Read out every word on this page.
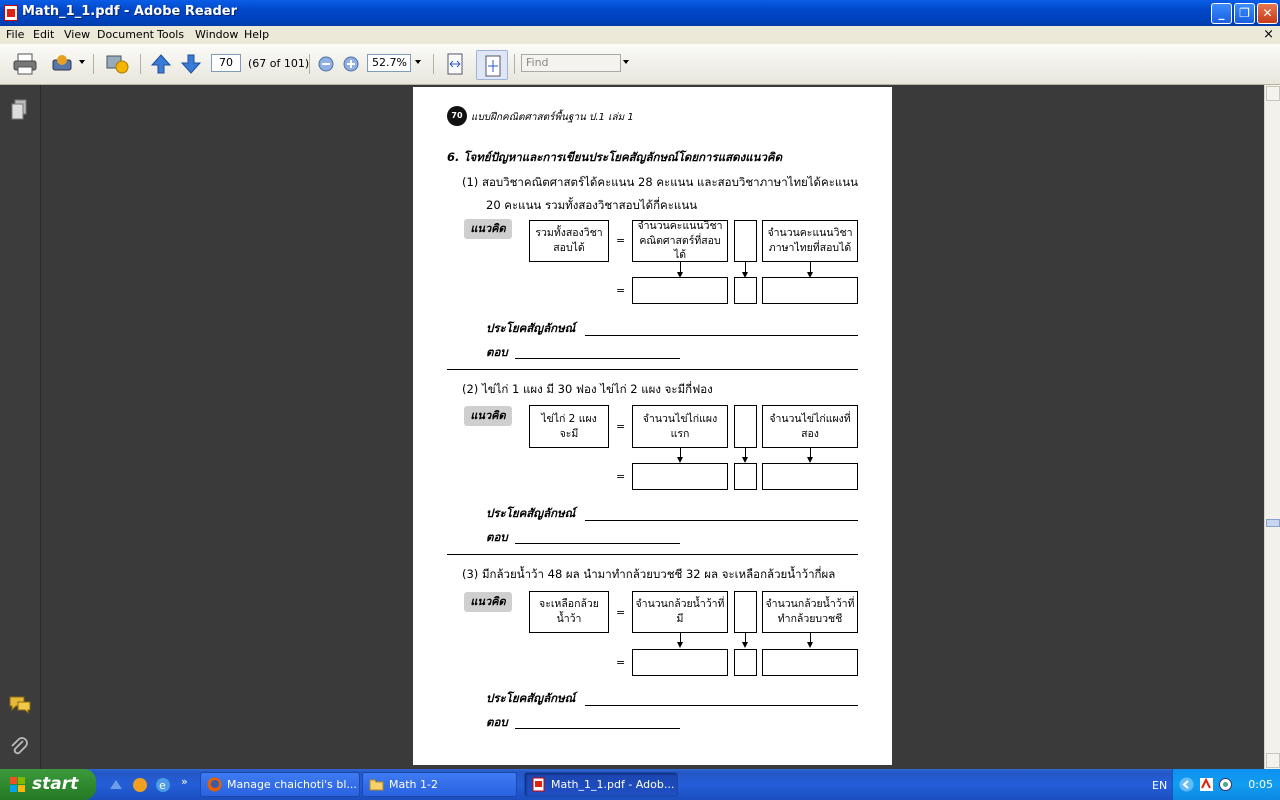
Math_1_1.pdf - Adobe Reader	_	❐	✕
File Edit View Document Tools Window Help	×
70	(67 of 101)	52.7%	Find
70 แบบฝึกคณิตศาสตร์พื้นฐาน ป.1 เล่ม 1
6. โจทย์ปัญหาและการเขียนประโยคสัญลักษณ์โดยการแสดงแนวคิด
(1) สอบวิชาคณิตศาสตร์ได้คะแนน 28 คะแนน และสอบวิชาภาษาไทยได้คะแนน
20 คะแนน รวมทั้งสองวิชาสอบได้กี่คะแนน
แนวคิด	รวมทั้งสองวิชาสอบได้
=
จำนวนคะแนนวิชาคณิตศาสตร์ที่สอบได้
จำนวนคะแนนวิชาภาษาไทยที่สอบได้
=
ประโยคสัญลักษณ์
ตอบ
(2) ไข่ไก่ 1 แผง มี 30 ฟอง ไข่ไก่ 2 แผง จะมีกี่ฟอง
แนวคิด	ไข่ไก่ 2 แผง จะมี
=
จำนวนไข่ไก่แผงแรก
จำนวนไข่ไก่แผงที่สอง
=
ประโยคสัญลักษณ์
ตอบ
(3) มีกล้วยน้ำว้า 48 ผล นำมาทำกล้วยบวชชี 32 ผล จะเหลือกล้วยน้ำว้ากี่ผล
แนวคิด	จะเหลือกล้วยน้ำว้า	=
จำนวนกล้วยน้ำว้าที่มี
จำนวนกล้วยน้ำว้าที่ทำกล้วยบวชชี
=
ประโยคสัญลักษณ์
ตอบ
start	e »	Manage chaichoti's bl...	Math 1-2	Math_1_1.pdf - Adob...	EN	0:05
